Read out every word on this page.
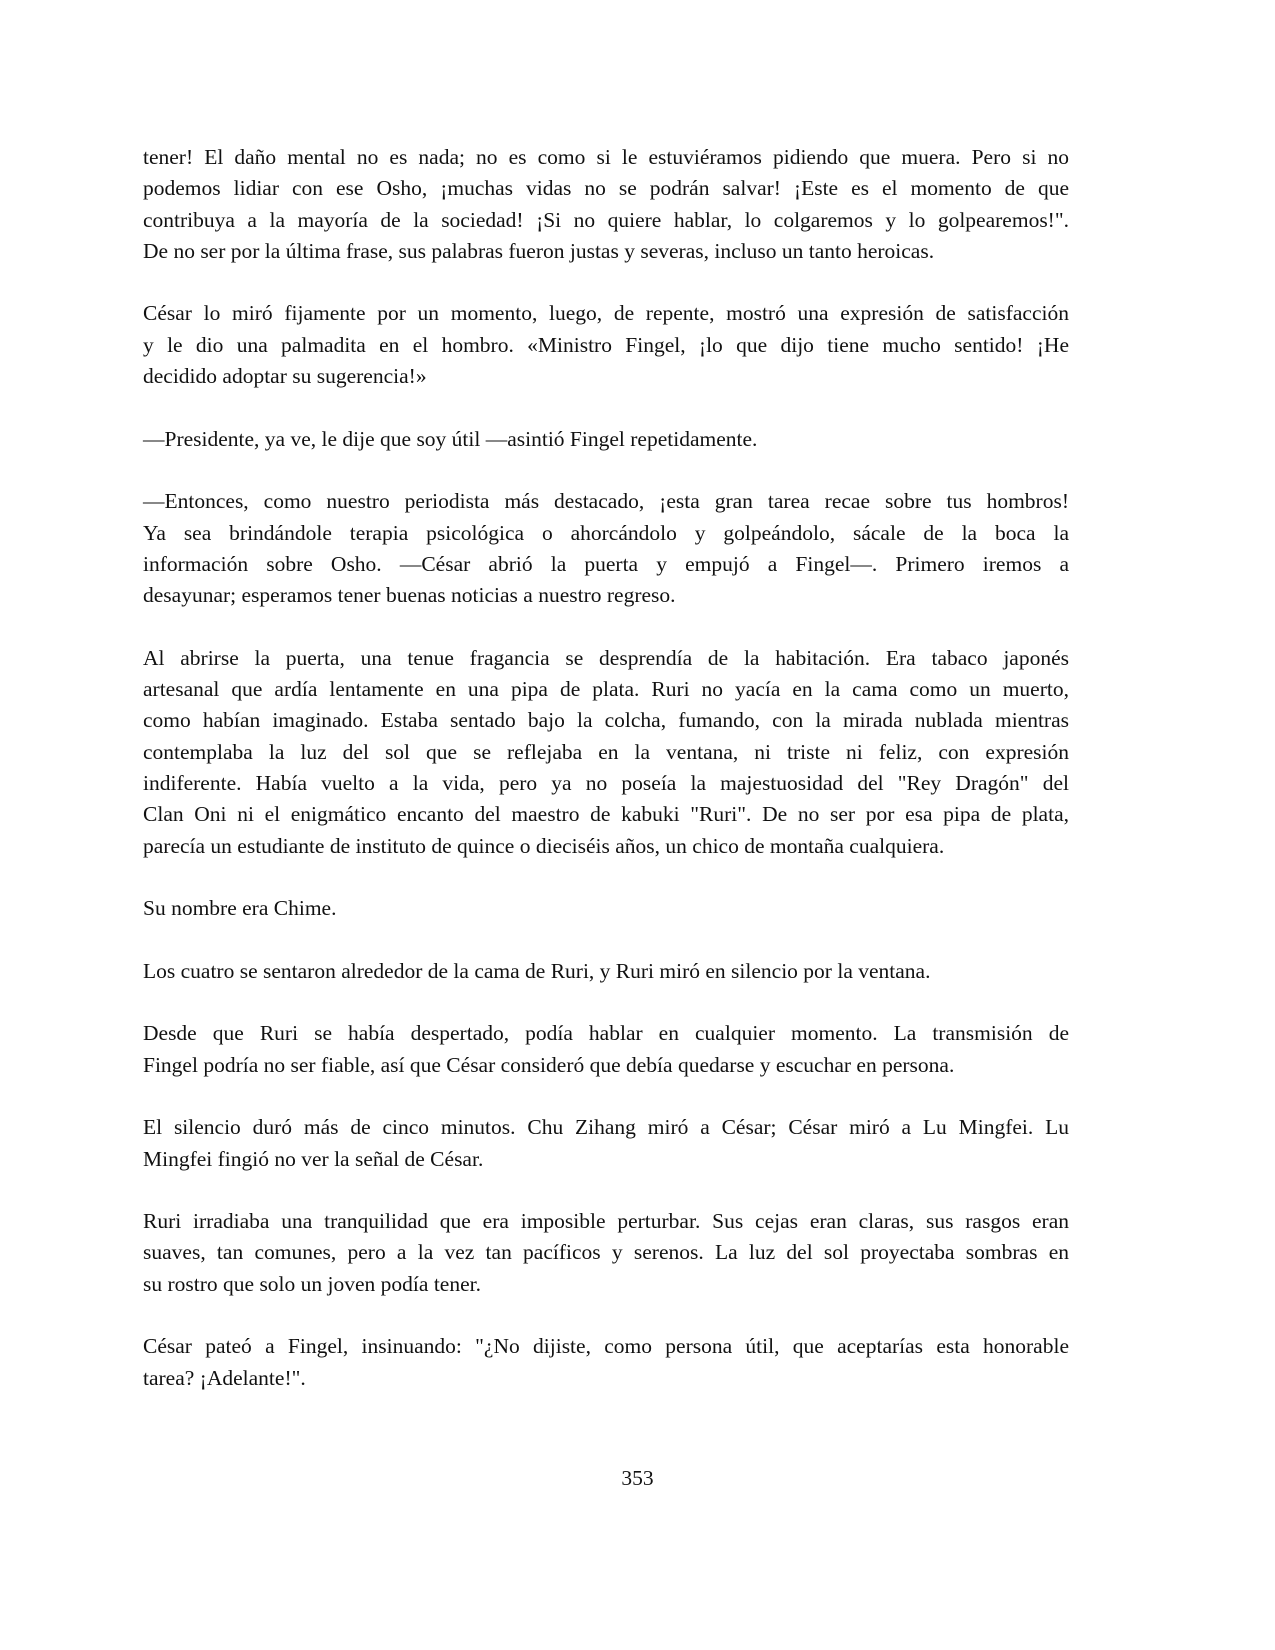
tener! El daño mental no es nada; no es como si le estuviéramos pidiendo que muera. Pero si no
podemos lidiar con ese Osho, ¡muchas vidas no se podrán salvar! ¡Este es el momento de que
contribuya a la mayoría de la sociedad! ¡Si no quiere hablar, lo colgaremos y lo golpearemos!".
De no ser por la última frase, sus palabras fueron justas y severas, incluso un tanto heroicas.
César lo miró fijamente por un momento, luego, de repente, mostró una expresión de satisfacción
y le dio una palmadita en el hombro. «Ministro Fingel, ¡lo que dijo tiene mucho sentido! ¡He
decidido adoptar su sugerencia!»
—Presidente, ya ve, le dije que soy útil —asintió Fingel repetidamente.
—Entonces, como nuestro periodista más destacado, ¡esta gran tarea recae sobre tus hombros!
Ya sea brindándole terapia psicológica o ahorcándolo y golpeándolo, sácale de la boca la
información sobre Osho. —César abrió la puerta y empujó a Fingel—. Primero iremos a
desayunar; esperamos tener buenas noticias a nuestro regreso.
Al abrirse la puerta, una tenue fragancia se desprendía de la habitación. Era tabaco japonés
artesanal que ardía lentamente en una pipa de plata. Ruri no yacía en la cama como un muerto,
como habían imaginado. Estaba sentado bajo la colcha, fumando, con la mirada nublada mientras
contemplaba la luz del sol que se reflejaba en la ventana, ni triste ni feliz, con expresión
indiferente. Había vuelto a la vida, pero ya no poseía la majestuosidad del "Rey Dragón" del
Clan Oni ni el enigmático encanto del maestro de kabuki "Ruri". De no ser por esa pipa de plata,
parecía un estudiante de instituto de quince o dieciséis años, un chico de montaña cualquiera.
Su nombre era Chime.
Los cuatro se sentaron alrededor de la cama de Ruri, y Ruri miró en silencio por la ventana.
Desde que Ruri se había despertado, podía hablar en cualquier momento. La transmisión de
Fingel podría no ser fiable, así que César consideró que debía quedarse y escuchar en persona.
El silencio duró más de cinco minutos. Chu Zihang miró a César; César miró a Lu Mingfei. Lu
Mingfei fingió no ver la señal de César.
Ruri irradiaba una tranquilidad que era imposible perturbar. Sus cejas eran claras, sus rasgos eran
suaves, tan comunes, pero a la vez tan pacíficos y serenos. La luz del sol proyectaba sombras en
su rostro que solo un joven podía tener.
César pateó a Fingel, insinuando: "¿No dijiste, como persona útil, que aceptarías esta honorable
tarea? ¡Adelante!".
353
